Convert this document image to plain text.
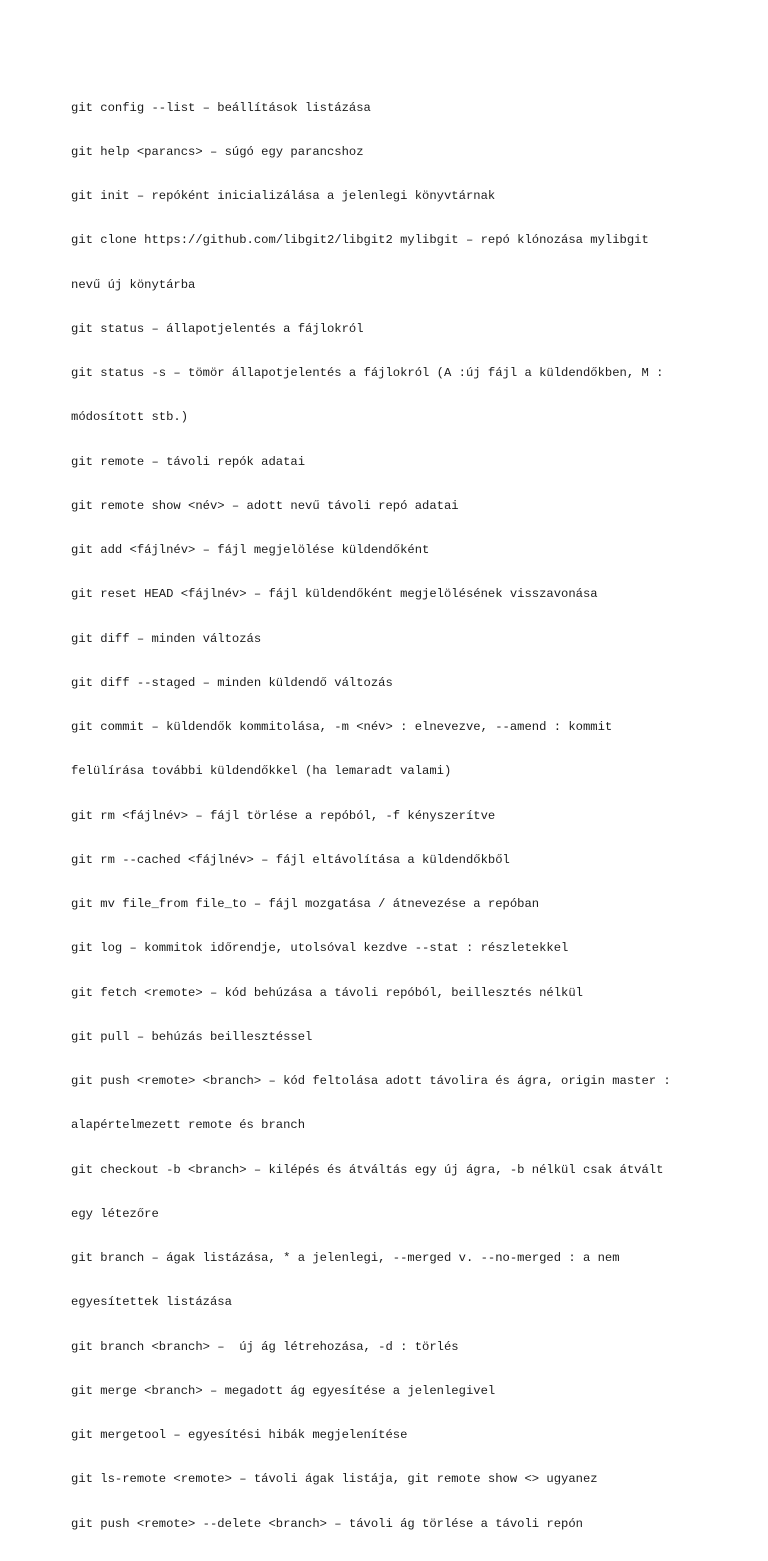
git config --list – beállítások listázása

git help <parancs> – súgó egy parancshoz

git init – repóként inicializálása a jelenlegi könyvtárnak

git clone https://github.com/libgit2/libgit2 mylibgit – repó klónozása mylibgit

nevű új könytárba

git status – állapotjelentés a fájlokról

git status -s – tömör állapotjelentés a fájlokról (A :új fájl a küldendőkben, M :

módosított stb.)

git remote – távoli repók adatai

git remote show <név> – adott nevű távoli repó adatai

git add <fájlnév> – fájl megjelölése küldendőként

git reset HEAD <fájlnév> – fájl küldendőként megjelölésének visszavonása

git diff – minden változás

git diff --staged – minden küldendő változás

git commit – küldendők kommitolása, -m <név> : elnevezve, --amend : kommit

felülírása további küldendőkkel (ha lemaradt valami)

git rm <fájlnév> – fájl törlése a repóból, -f kényszerítve

git rm --cached <fájlnév> – fájl eltávolítása a küldendőkből

git mv file_from file_to – fájl mozgatása / átnevezése a repóban

git log – kommitok időrendje, utolsóval kezdve --stat : részletekkel

git fetch <remote> – kód behúzása a távoli repóból, beillesztés nélkül

git pull – behúzás beillesztéssel

git push <remote> <branch> – kód feltolása adott távolira és ágra, origin master :

alapértelmezett remote és branch

git checkout -b <branch> – kilépés és átváltás egy új ágra, -b nélkül csak átvált

egy létezőre

git branch – ágak listázása, * a jelenlegi, --merged v. --no-merged : a nem

egyesítettek listázása

git branch <branch> –  új ág létrehozása, -d : törlés

git merge <branch> – megadott ág egyesítése a jelenlegivel

git mergetool – egyesítési hibák megjelenítése

git ls-remote <remote> – távoli ágak listája, git remote show <> ugyanez

git push <remote> --delete <branch> – távoli ág törlése a távoli repón
